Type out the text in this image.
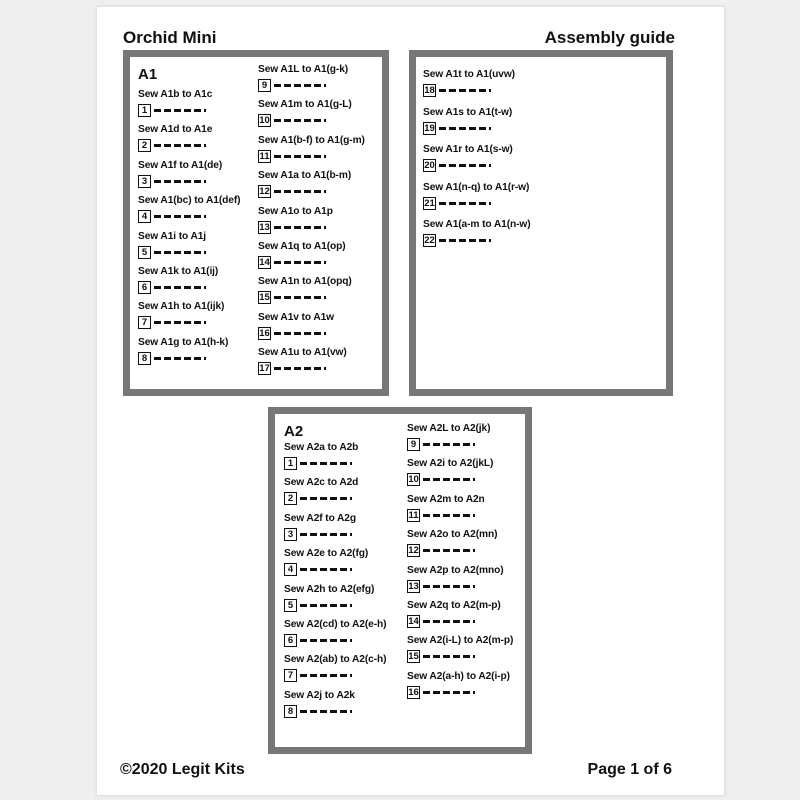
Orchid Mini	Assembly guide
A1
Sew A1b to A1c
1
Sew A1d to A1e
2
Sew A1f to A1(de)
3
Sew A1(bc) to A1(def)
4
Sew A1i to A1j
5
Sew A1k to A1(ij)
6
Sew A1h to A1(ijk)
7
Sew A1g to A1(h-k)
8
Sew A1L to A1(g-k)
9
Sew A1m to A1(g-L)
10
Sew A1(b-f) to A1(g-m)
11
Sew A1a to A1(b-m)
12
Sew A1o to A1p
13
Sew A1q to A1(op)
14
Sew A1n to A1(opq)
15
Sew A1v to A1w
16
Sew A1u to A1(vw)
17
Sew A1t to A1(uvw)
18
Sew A1s to A1(t-w)
19
Sew A1r to A1(s-w)
20
Sew A1(n-q) to A1(r-w)
21
Sew A1(a-m to A1(n-w)
22
A2
Sew A2a to A2b
1
Sew A2c to A2d
2
Sew A2f to A2g
3
Sew A2e to A2(fg)
4
Sew A2h to A2(efg)
5
Sew A2(cd) to A2(e-h)
6
Sew A2(ab) to A2(c-h)
7
Sew A2j to A2k
8
Sew A2L to A2(jk)
9
Sew A2i to A2(jkL)
10
Sew A2m to A2n
11
Sew A2o to A2(mn)
12
Sew A2p to A2(mno)
13
Sew A2q to A2(m-p)
14
Sew A2(i-L) to A2(m-p)
15
Sew A2(a-h) to A2(i-p)
16
©2020 Legit Kits	Page 1 of 6
